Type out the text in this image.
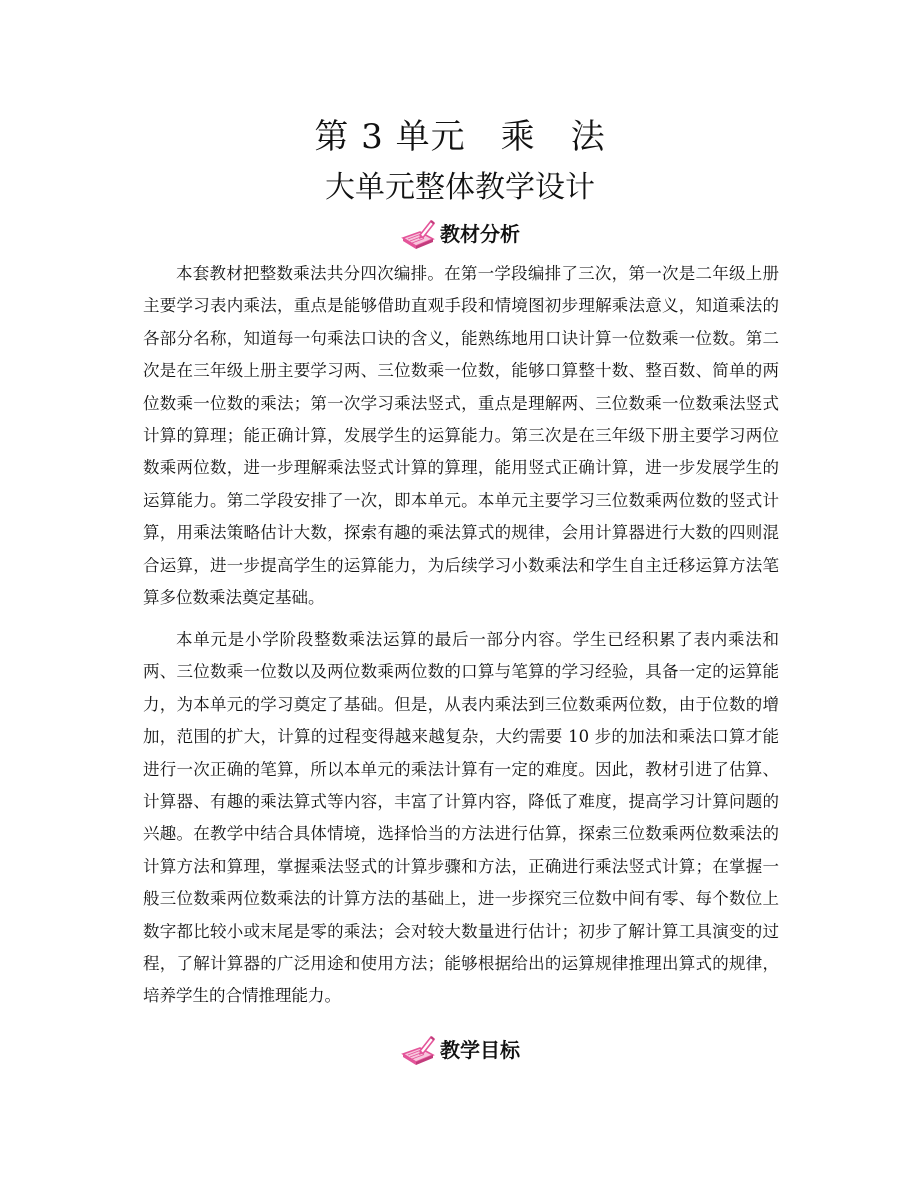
第 3 单元　乘　法
大单元整体教学设计
教材分析

本套教材把整数乘法共分四次编排。在第一学段编排了三次，第一次是二年级上册主要学习表内乘法，重点是能够借助直观手段和情境图初步理解乘法意义，知道乘法的各部分名称，知道每一句乘法口诀的含义，能熟练地用口诀计算一位数乘一位数。第二次是在三年级上册主要学习两、三位数乘一位数，能够口算整十数、整百数、简单的两位数乘一位数的乘法；第一次学习乘法竖式，重点是理解两、三位数乘一位数乘法竖式计算的算理；能正确计算，发展学生的运算能力。第三次是在三年级下册主要学习两位数乘两位数，进一步理解乘法竖式计算的算理，能用竖式正确计算，进一步发展学生的运算能力。第二学段安排了一次，即本单元。本单元主要学习三位数乘两位数的竖式计算，用乘法策略估计大数，探索有趣的乘法算式的规律，会用计算器进行大数的四则混合运算，进一步提高学生的运算能力，为后续学习小数乘法和学生自主迁移运算方法笔算多位数乘法奠定基础。

本单元是小学阶段整数乘法运算的最后一部分内容。学生已经积累了表内乘法和两、三位数乘一位数以及两位数乘两位数的口算与笔算的学习经验，具备一定的运算能力，为本单元的学习奠定了基础。但是，从表内乘法到三位数乘两位数，由于位数的增加，范围的扩大，计算的过程变得越来越复杂，大约需要 10 步的加法和乘法口算才能进行一次正确的笔算，所以本单元的乘法计算有一定的难度。因此，教材引进了估算、计算器、有趣的乘法算式等内容，丰富了计算内容，降低了难度，提高学习计算问题的兴趣。在教学中结合具体情境，选择恰当的方法进行估算，探索三位数乘两位数乘法的计算方法和算理，掌握乘法竖式的计算步骤和方法，正确进行乘法竖式计算；在掌握一般三位数乘两位数乘法的计算方法的基础上，进一步探究三位数中间有零、每个数位上数字都比较小或末尾是零的乘法；会对较大数量进行估计；初步了解计算工具演变的过程，了解计算器的广泛用途和使用方法；能够根据给出的运算规律推理出算式的规律，培养学生的合情推理能力。

教学目标
